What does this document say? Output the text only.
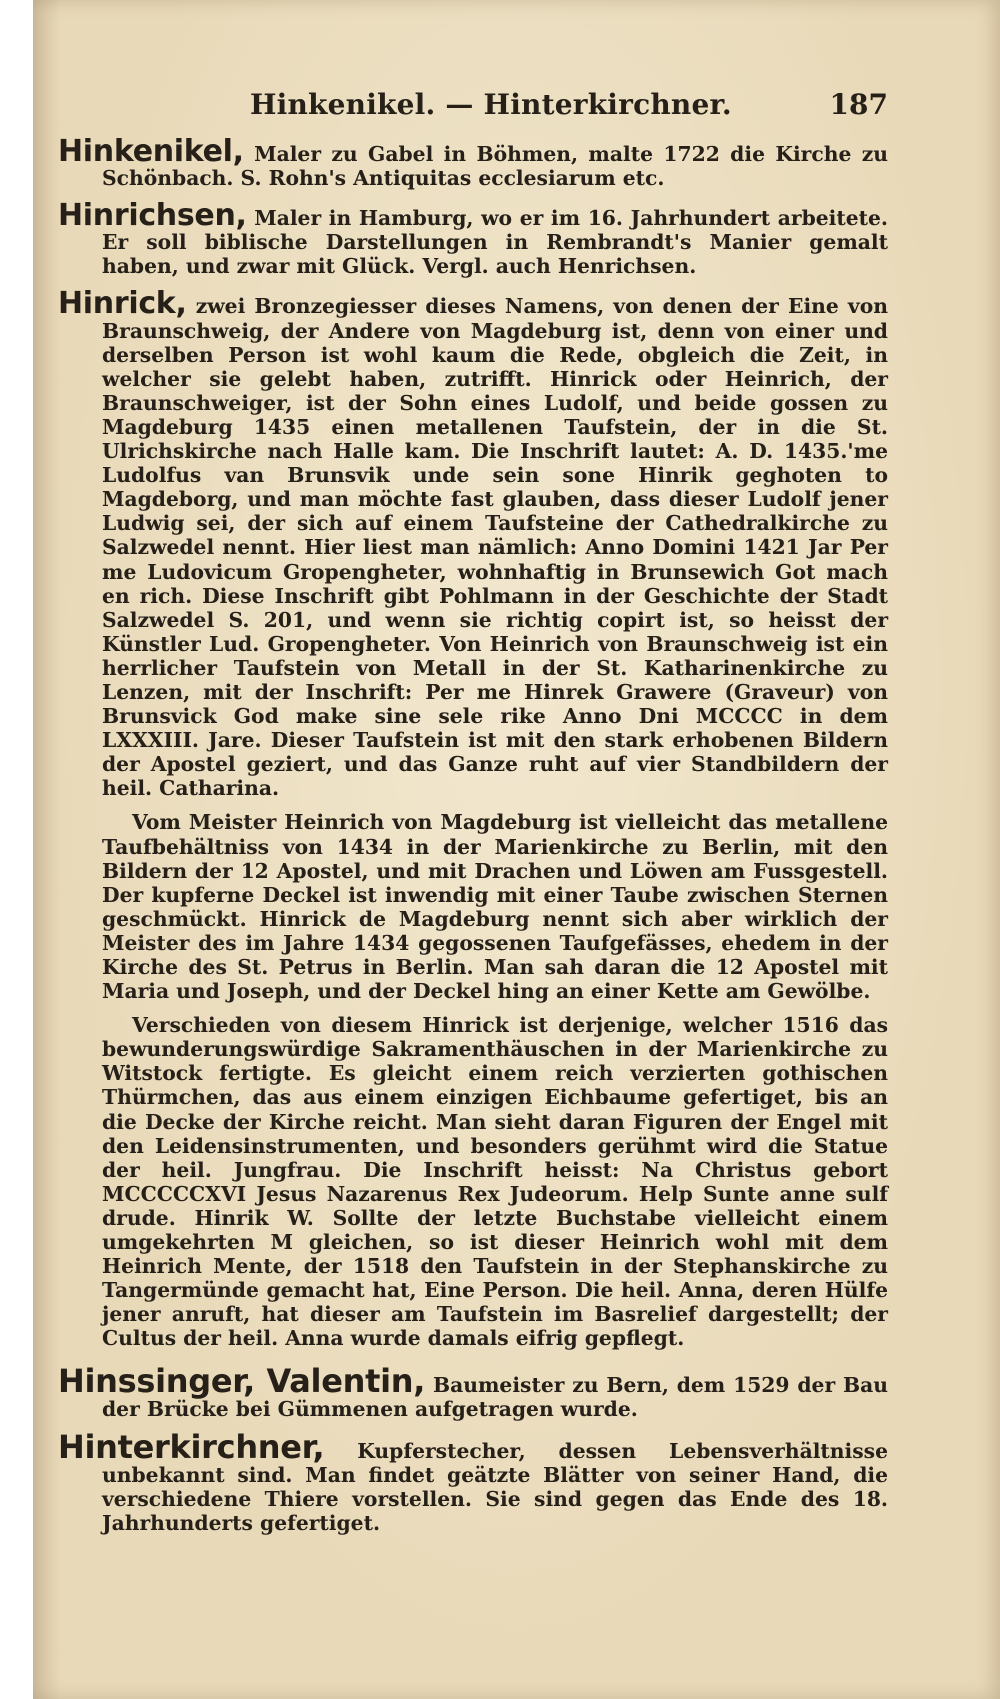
Hinkenikel. — Hinterkirchner.	187

Hinkenikel, Maler zu Gabel in Böhmen, malte 1722 die Kirche zu Schönbach. S. Rohn's Antiquitas ecclesiarum etc.

Hinrichsen, Maler in Hamburg, wo er im 16. Jahrhundert arbeitete. Er soll biblische Darstellungen in Rembrandt's Manier gemalt haben, und zwar mit Glück. Vergl. auch Henrichsen.

Hinrick, zwei Bronzegiesser dieses Namens, von denen der Eine von Braunschweig, der Andere von Magdeburg ist, denn von einer und derselben Person ist wohl kaum die Rede, obgleich die Zeit, in welcher sie gelebt haben, zutrifft. Hinrick oder Heinrich, der Braunschweiger, ist der Sohn eines Ludolf, und beide gossen zu Magdeburg 1435 einen metallenen Taufstein, der in die St. Ulrichskirche nach Halle kam. Die Inschrift lautet: A. D. 1435.'me Ludolfus van Brunsvik unde sein sone Hinrik geghoten to Magdeborg, und man möchte fast glauben, dass dieser Ludolf jener Ludwig sei, der sich auf einem Taufsteine der Cathedralkirche zu Salzwedel nennt. Hier liest man nämlich: Anno Domini 1421 Jar Per me Ludovicum Gropengheter, wohnhaftig in Brunsewich Got mach en rich. Diese Inschrift gibt Pohlmann in der Geschichte der Stadt Salzwedel S. 201, und wenn sie richtig copirt ist, so heisst der Künstler Lud. Gropengheter. Von Heinrich von Braunschweig ist ein herrlicher Taufstein von Metall in der St. Katharinenkirche zu Lenzen, mit der Inschrift: Per me Hinrek Grawere (Graveur) von Brunsvick God make sine sele rike Anno Dni MCCCC in dem LXXXIII. Jare. Dieser Taufstein ist mit den stark erhobenen Bildern der Apostel geziert, und das Ganze ruht auf vier Standbildern der heil. Catharina.

Vom Meister Heinrich von Magdeburg ist vielleicht das metallene Taufbehältniss von 1434 in der Marienkirche zu Berlin, mit den Bildern der 12 Apostel, und mit Drachen und Löwen am Fussgestell. Der kupferne Deckel ist inwendig mit einer Taube zwischen Sternen geschmückt. Hinrick de Magdeburg nennt sich aber wirklich der Meister des im Jahre 1434 gegossenen Taufgefässes, ehedem in der Kirche des St. Petrus in Berlin. Man sah daran die 12 Apostel mit Maria und Joseph, und der Deckel hing an einer Kette am Gewölbe.

Verschieden von diesem Hinrick ist derjenige, welcher 1516 das bewunderungswürdige Sakramenthäuschen in der Marienkirche zu Witstock fertigte. Es gleicht einem reich verzierten gothischen Thürmchen, das aus einem einzigen Eichbaume gefertiget, bis an die Decke der Kirche reicht. Man sieht daran Figuren der Engel mit den Leidensinstrumenten, und besonders gerühmt wird die Statue der heil. Jungfrau. Die Inschrift heisst: Na Christus gebort MCCCCCXVI Jesus Nazarenus Rex Judeorum. Help Sunte anne sulf drude. Hinrik W. Sollte der letzte Buchstabe vielleicht einem umgekehrten M gleichen, so ist dieser Heinrich wohl mit dem Heinrich Mente, der 1518 den Taufstein in der Stephanskirche zu Tangermünde gemacht hat, Eine Person. Die heil. Anna, deren Hülfe jener anruft, hat dieser am Taufstein im Basrelief dargestellt; der Cultus der heil. Anna wurde damals eifrig gepflegt.

Hinssinger, Valentin, Baumeister zu Bern, dem 1529 der Bau der Brücke bei Gümmenen aufgetragen wurde.

Hinterkirchner, Kupferstecher, dessen Lebensverhältnisse unbekannt sind. Man findet geätzte Blätter von seiner Hand, die verschiedene Thiere vorstellen. Sie sind gegen das Ende des 18. Jahrhunderts gefertiget.
